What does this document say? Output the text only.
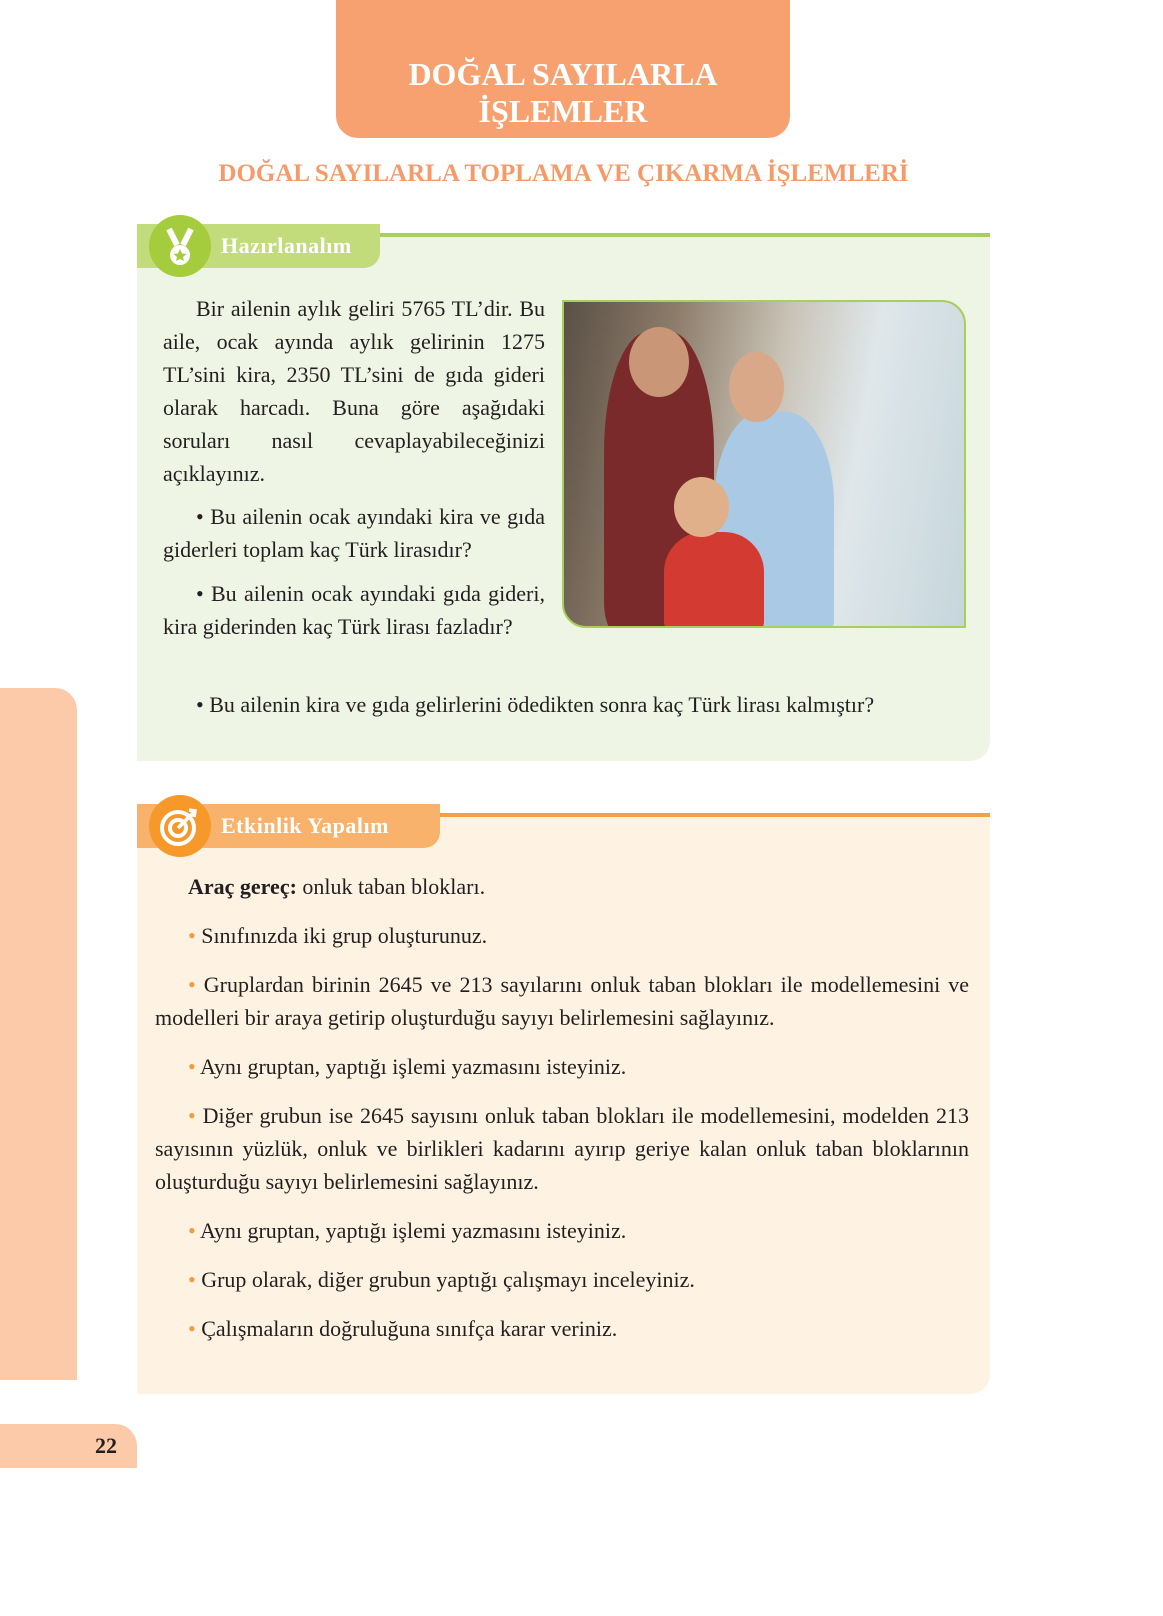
DOĞAL SAYILARLA
İŞLEMLER
DOĞAL SAYILARLA TOPLAMA VE ÇIKARMA İŞLEMLERİ
22
Hazırlanalım

Bir ailenin aylık geliri 5765 TL’dir. Bu aile, ocak ayında aylık gelirinin 1275 TL’sini kira, 2350 TL’sini de gıda gideri olarak harcadı. Buna göre aşağıdaki soruları nasıl cevaplayabileceğinizi açıklayınız.

• Bu ailenin ocak ayındaki kira ve gıda giderleri toplam kaç Türk lirasıdır?

• Bu ailenin ocak ayındaki gıda gideri, kira giderinden kaç Türk lirası fazladır?

• Bu ailenin kira ve gıda gelirlerini ödedikten sonra kaç Türk lirası kalmıştır?

Etkinlik Yapalım

Araç gereç: onluk taban blokları.

• Sınıfınızda iki grup oluşturunuz.

• Gruplardan birinin 2645 ve 213 sayılarını onluk taban blokları ile modellemesini ve modelleri bir araya getirip oluşturduğu sayıyı belirlemesini sağlayınız.

• Aynı gruptan, yaptığı işlemi yazmasını isteyiniz.

• Diğer grubun ise 2645 sayısını onluk taban blokları ile modellemesini, modelden 213 sayısının yüzlük, onluk ve birlikleri kadarını ayırıp geriye kalan onluk taban bloklarının oluşturduğu sayıyı belirlemesini sağlayınız.

• Aynı gruptan, yaptığı işlemi yazmasını isteyiniz.

• Grup olarak, diğer grubun yaptığı çalışmayı inceleyiniz.

• Çalışmaların doğruluğuna sınıfça karar veriniz.
